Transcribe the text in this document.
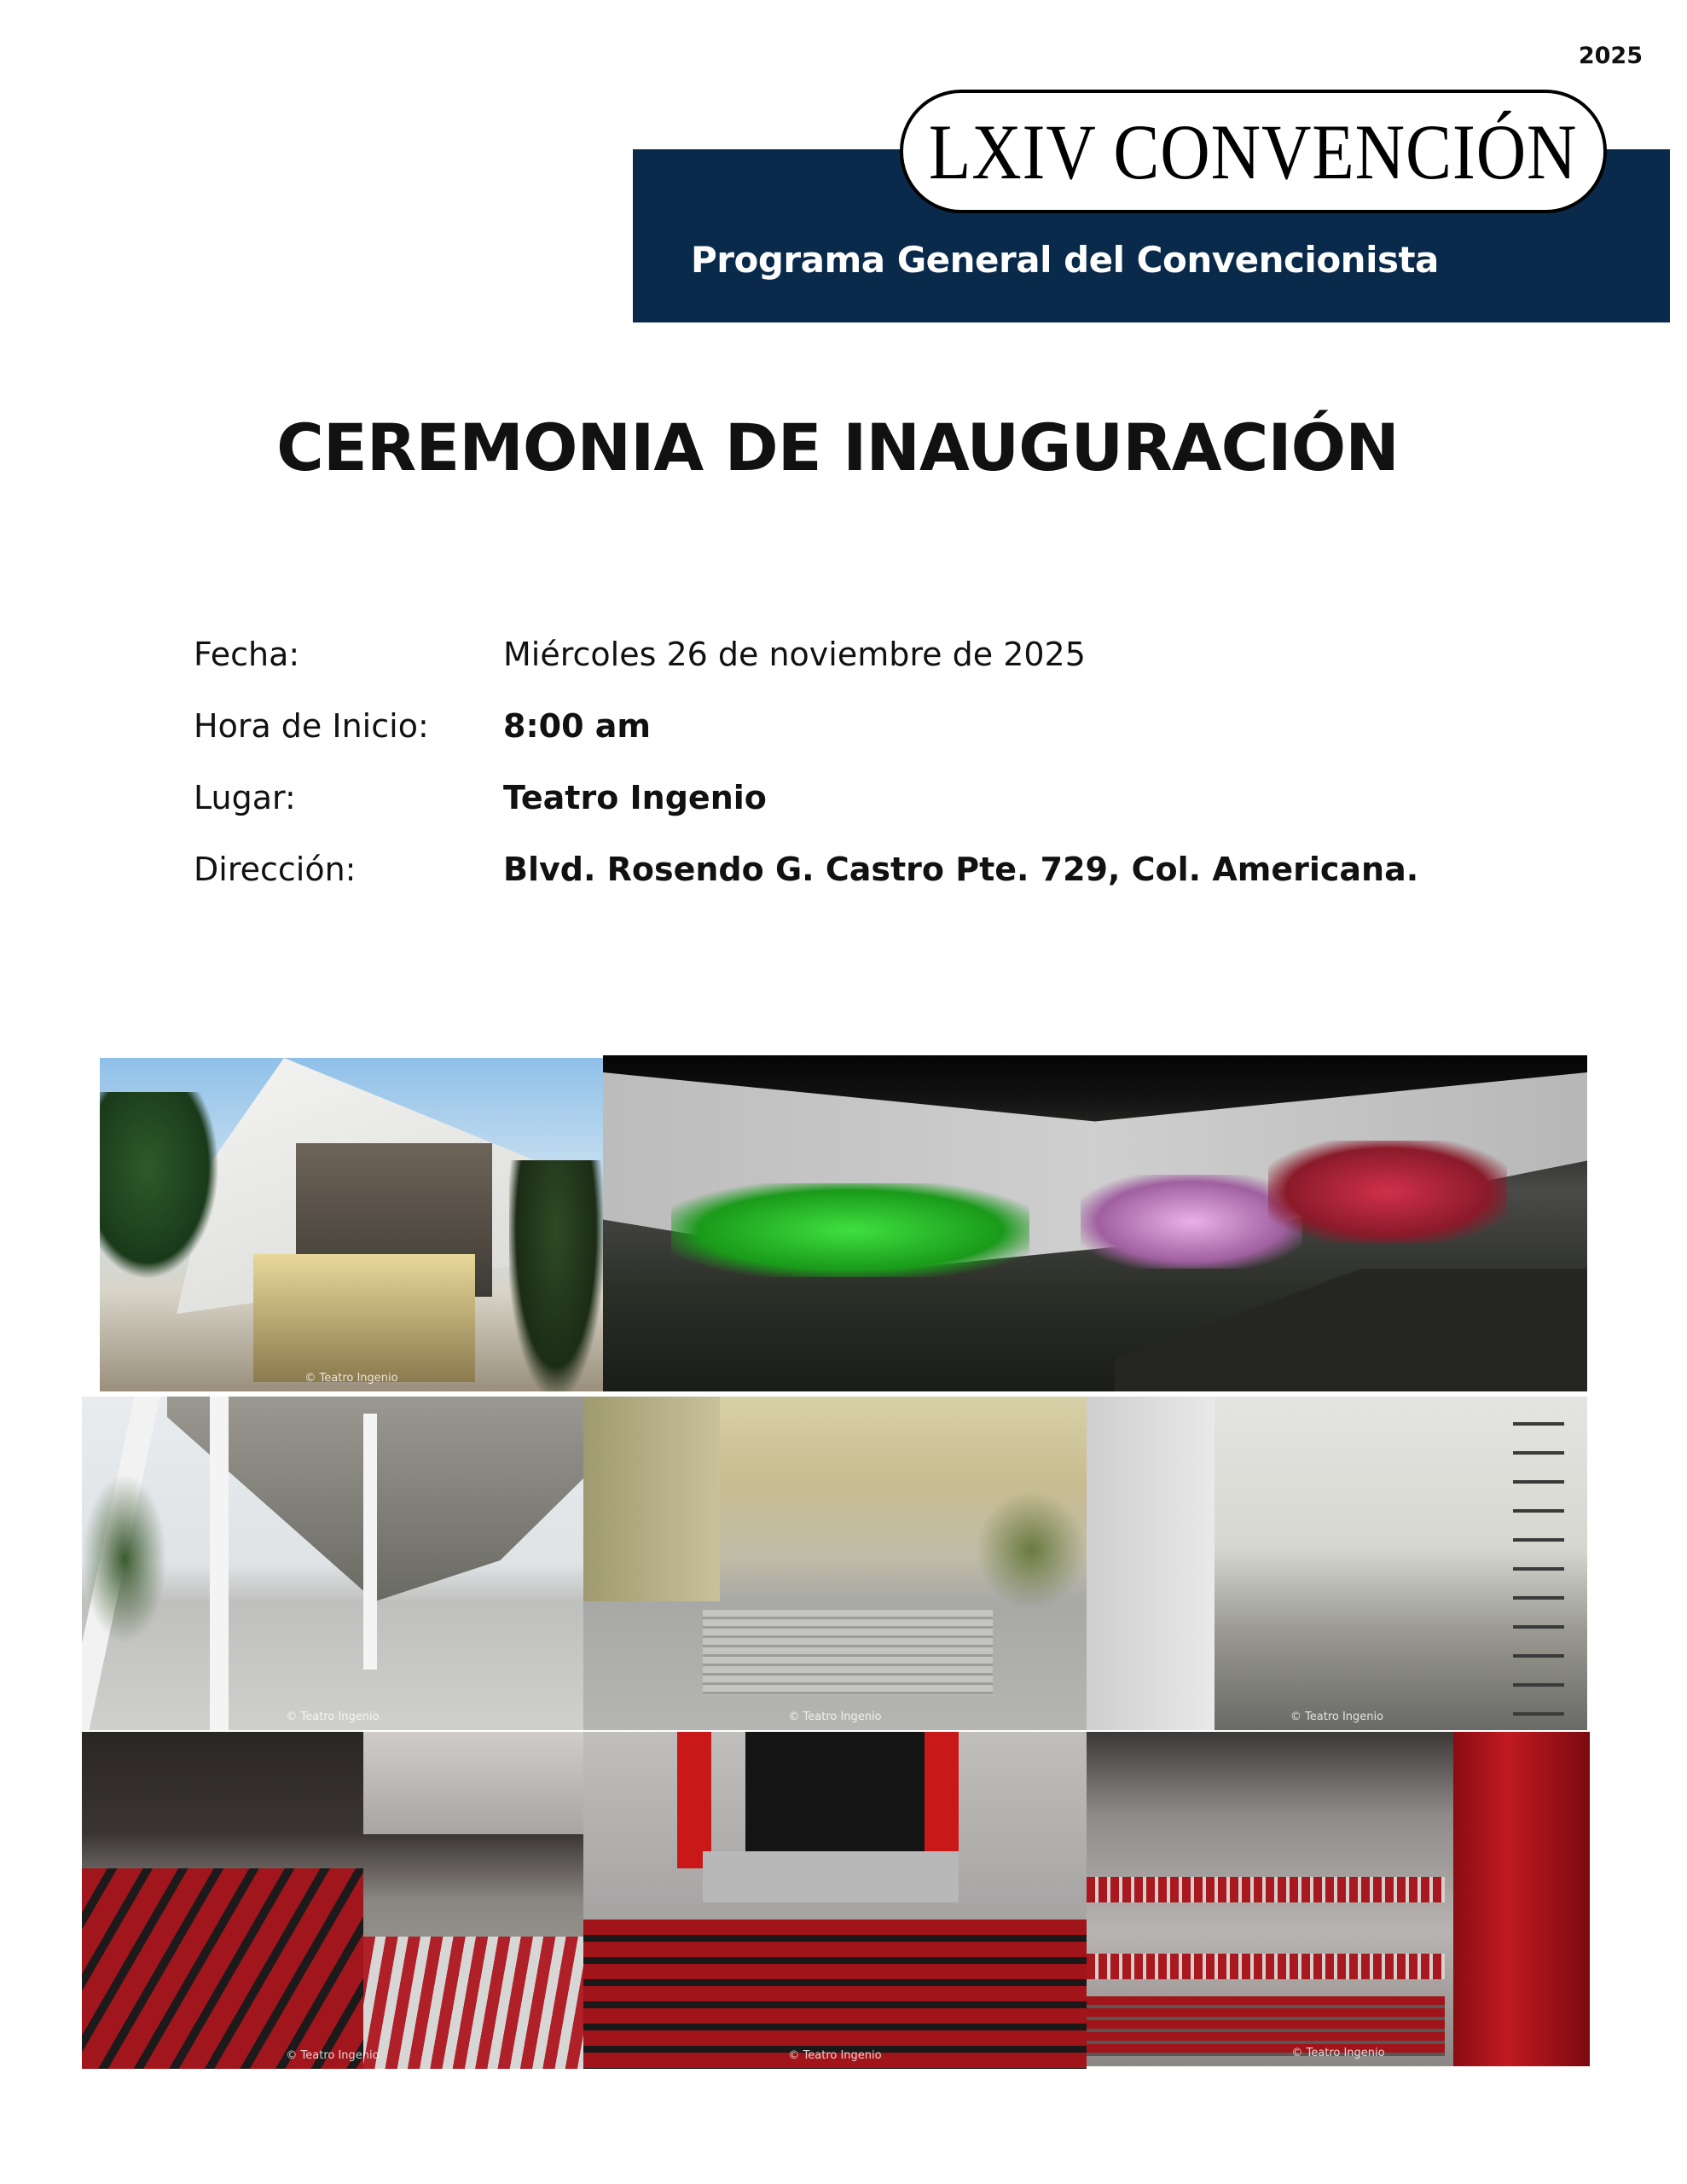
2025
LXIV CONVENCIÓN
Programa General del Convencionista
CEREMONIA DE INAUGURACIÓN
Fecha:	Miércoles 26 de noviembre de 2025
Hora de Inicio:	8:00 am
Lugar:	Teatro Ingenio
Dirección:	Blvd. Rosendo G. Castro Pte. 729, Col. Americana.
© Teatro Ingenio
© Teatro Ingenio	© Teatro Ingenio	© Teatro Ingenio
© Teatro Ingenio	© Teatro Ingenio	© Teatro Ingenio
